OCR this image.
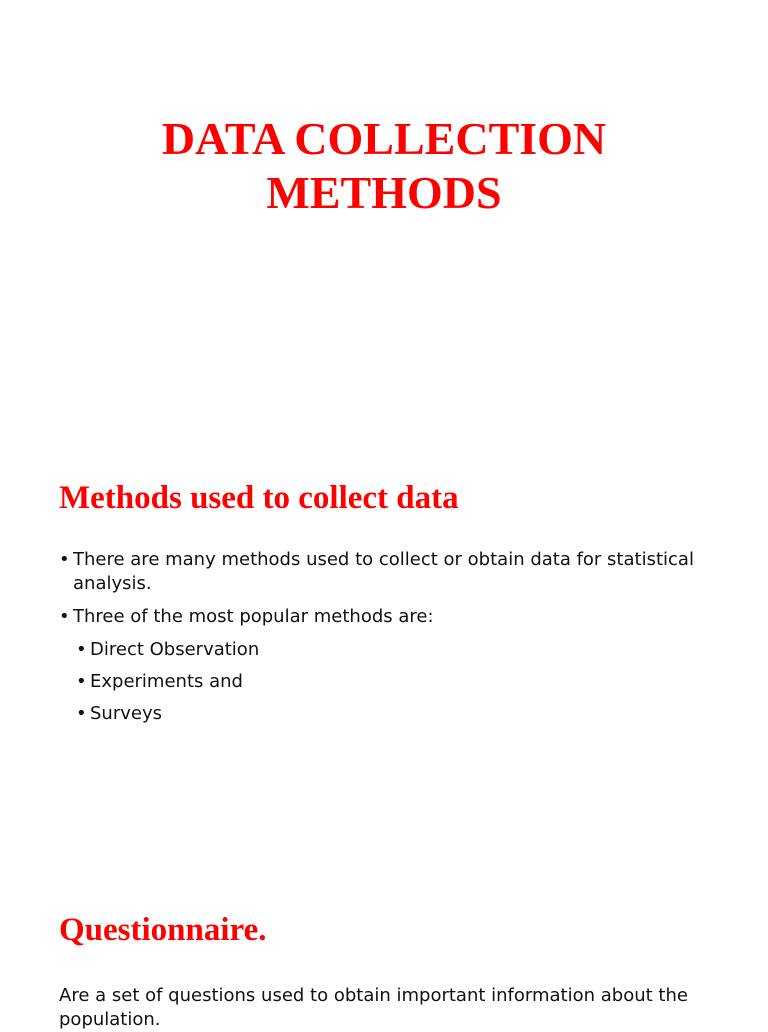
DATA COLLECTION
METHODS
Methods used to collect data
• There are many methods used to collect or obtain data for statistical analysis.
• Three of the most popular methods are:
• Direct Observation
• Experiments and
• Surveys
Questionnaire.

Are a set of questions used to obtain important information about the population.
